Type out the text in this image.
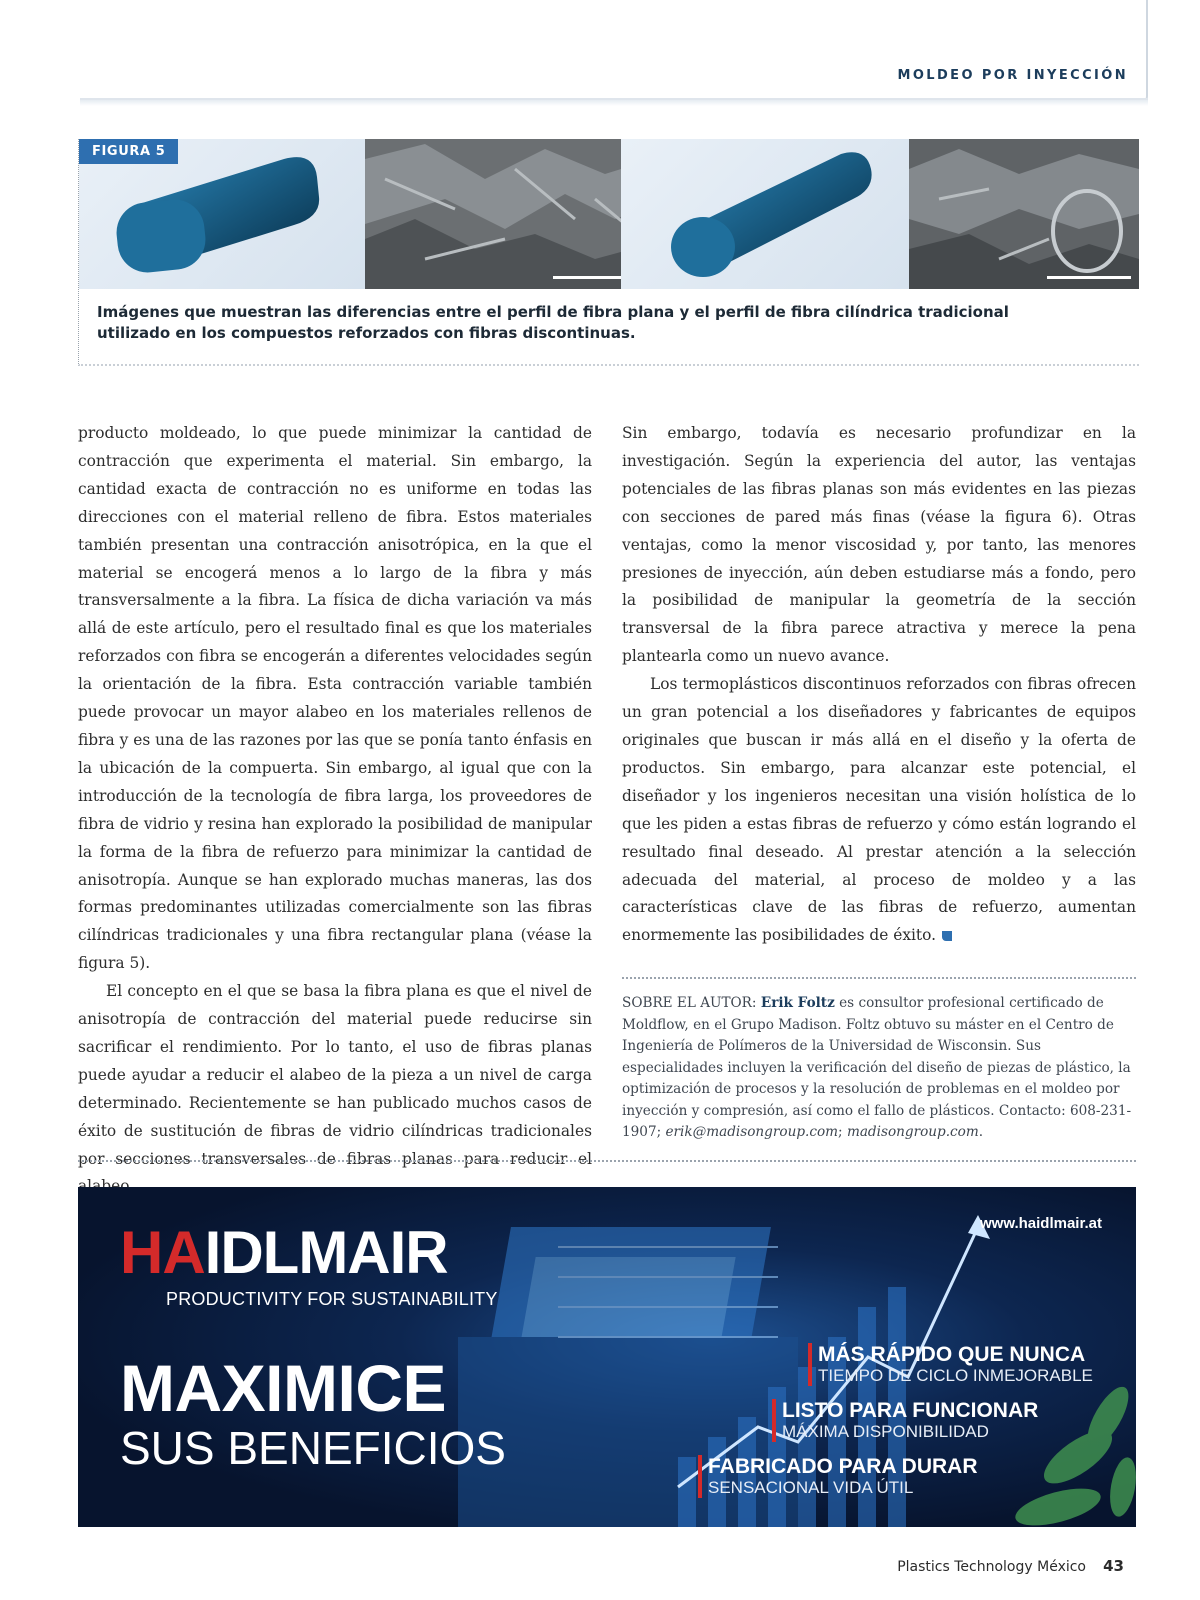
MOLDEO POR INYECCIÓN
FIGURA 5

Imágenes que muestran las diferencias entre el perfil de fibra plana y el perfil de fibra cilíndrica tradicional utilizado en los compuestos reforzados con fibras discontinuas.

producto moldeado, lo que puede minimizar la cantidad de contracción que experimenta el material. Sin embargo, la cantidad exacta de contracción no es uniforme en todas las direcciones con el material relleno de fibra. Estos materiales también presentan una contracción anisotrópica, en la que el material se encogerá menos a lo largo de la fibra y más transversalmente a la fibra. La física de dicha variación va más allá de este artículo, pero el resultado final es que los materiales reforzados con fibra se encogerán a diferentes velocidades según la orientación de la fibra. Esta contracción variable también puede provocar un mayor alabeo en los materiales rellenos de fibra y es una de las razones por las que se ponía tanto énfasis en la ubicación de la compuerta. Sin embargo, al igual que con la introducción de la tecnología de fibra larga, los proveedores de fibra de vidrio y resina han explorado la posibilidad de manipular la forma de la fibra de refuerzo para minimizar la cantidad de anisotropía. Aunque se han explorado muchas maneras, las dos formas predominantes utilizadas comercialmente son las fibras cilíndricas tradicionales y una fibra rectangular plana (véase la figura 5).

El concepto en el que se basa la fibra plana es que el nivel de anisotropía de contracción del material puede reducirse sin sacrificar el rendimiento. Por lo tanto, el uso de fibras planas puede ayudar a reducir el alabeo de la pieza a un nivel de carga determinado. Recientemente se han publicado muchos casos de éxito de sustitución de fibras de vidrio cilíndricas tradicionales por secciones transversales de fibras planas para reducir el

Sin embargo, todavía es necesario profundizar en la investigación. Según la experiencia del autor, las ventajas potenciales de las fibras planas son más evidentes en las piezas con secciones de pared más finas (véase la figura 6). Otras ventajas, como la menor viscosidad y, por tanto, las menores presiones de inyección, aún deben estudiarse más a fondo, pero la posibilidad de manipular la geometría de la sección transversal de la fibra parece atractiva y merece la pena plantearla como un nuevo avance.

Los termoplásticos discontinuos reforzados con fibras ofrecen un gran potencial a los diseñadores y fabricantes de equipos originales que buscan ir más allá en el diseño y la oferta de productos. Sin embargo, para alcanzar este potencial, el diseñador y los ingenieros necesitan una visión holística de lo que les piden a estas fibras de refuerzo y cómo están logrando el resultado final deseado. Al prestar atención a la selección adecuada del material, al proceso de moldeo y a las características clave de las fibras de refuerzo, aumentan enormemente las posibilidades de éxito.

SOBRE EL AUTOR: Erik Foltz es consultor profesional certificado de Moldflow, en el Grupo Madison. Foltz obtuvo su máster en el Centro de Ingeniería de Polímeros de la Universidad de Wisconsin. Sus especialidades incluyen la verificación del diseño de piezas de plástico, la optimización de procesos y la resolución de problemas en el moldeo por inyección y compresión, así como el fallo de plásticos. Contacto: 608-231-1907; erik@madisongroup.com; madisongroup.com.

HAIDLMAIR
PRODUCTIVITY FOR SUSTAINABILITY
MAXIMICE
SUS BENEFICIOS
www.haidlmair.at
MÁS RÁPIDO QUE NUNCA
TIEMPO DE CICLO INMEJORABLE
LISTO PARA FUNCIONAR
MÁXIMA DISPONIBILIDAD
FABRICADO PARA DURAR
SENSACIONAL VIDA ÚTIL
Plastics Technology México 43
